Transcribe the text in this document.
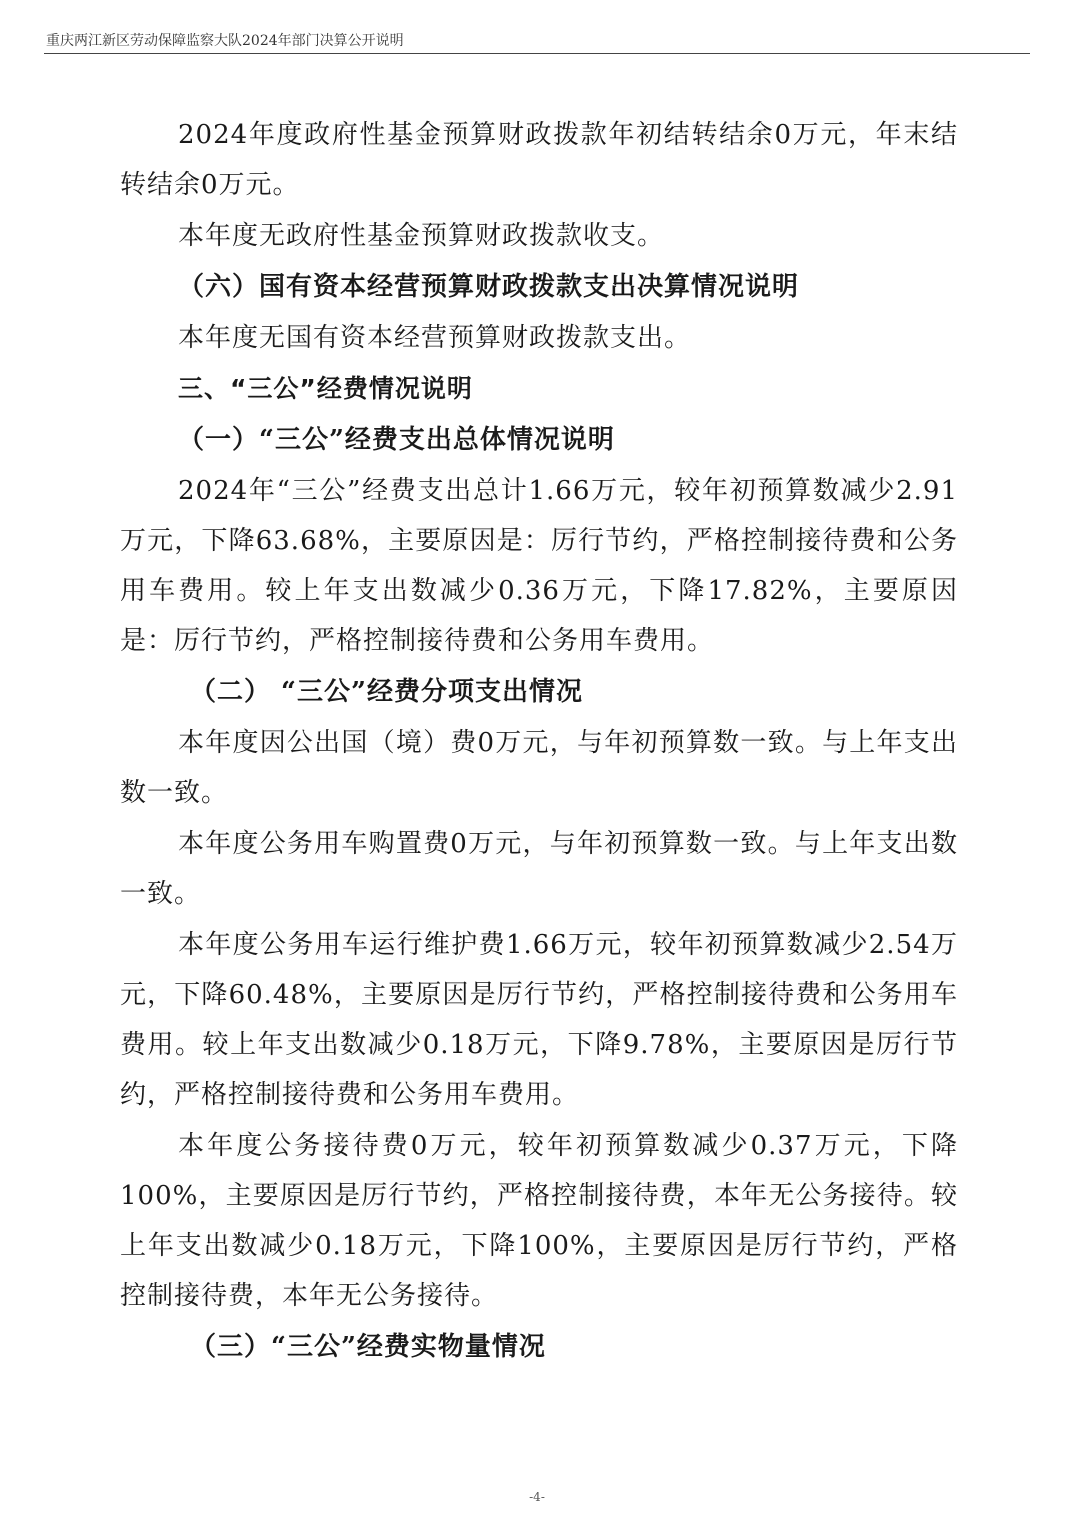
重庆两江新区劳动保障监察大队2024年部门决算公开说明

2024年度政府性基金预算财政拨款年初结转结余0万元，年末结转结余0万元。

本年度无政府性基金预算财政拨款收支。

（六）国有资本经营预算财政拨款支出决算情况说明

本年度无国有资本经营预算财政拨款支出。

三、“三公”经费情况说明
（一）“三公”经费支出总体情况说明

2024年“三公”经费支出总计1.66万元，较年初预算数减少2.91万元，下降63.68%，主要原因是：厉行节约，严格控制接待费和公务用车费用。较上年支出数减少0.36万元，下降17.82%，主要原因是：厉行节约，严格控制接待费和公务用车费用。

（二） “三公”经费分项支出情况

本年度因公出国（境）费0万元，与年初预算数一致。与上年支出数一致。

本年度公务用车购置费0万元，与年初预算数一致。与上年支出数一致。

本年度公务用车运行维护费1.66万元，较年初预算数减少2.54万元，下降60.48%，主要原因是厉行节约，严格控制接待费和公务用车费用。较上年支出数减少0.18万元，下降9.78%，主要原因是厉行节约，严格控制接待费和公务用车费用。

本年度公务接待费0万元，较年初预算数减少0.37万元，下降100%，主要原因是厉行节约，严格控制接待费，本年无公务接待。较上年支出数减少0.18万元，下降100%，主要原因是厉行节约，严格控制接待费，本年无公务接待。

（三）“三公”经费实物量情况
-4-
